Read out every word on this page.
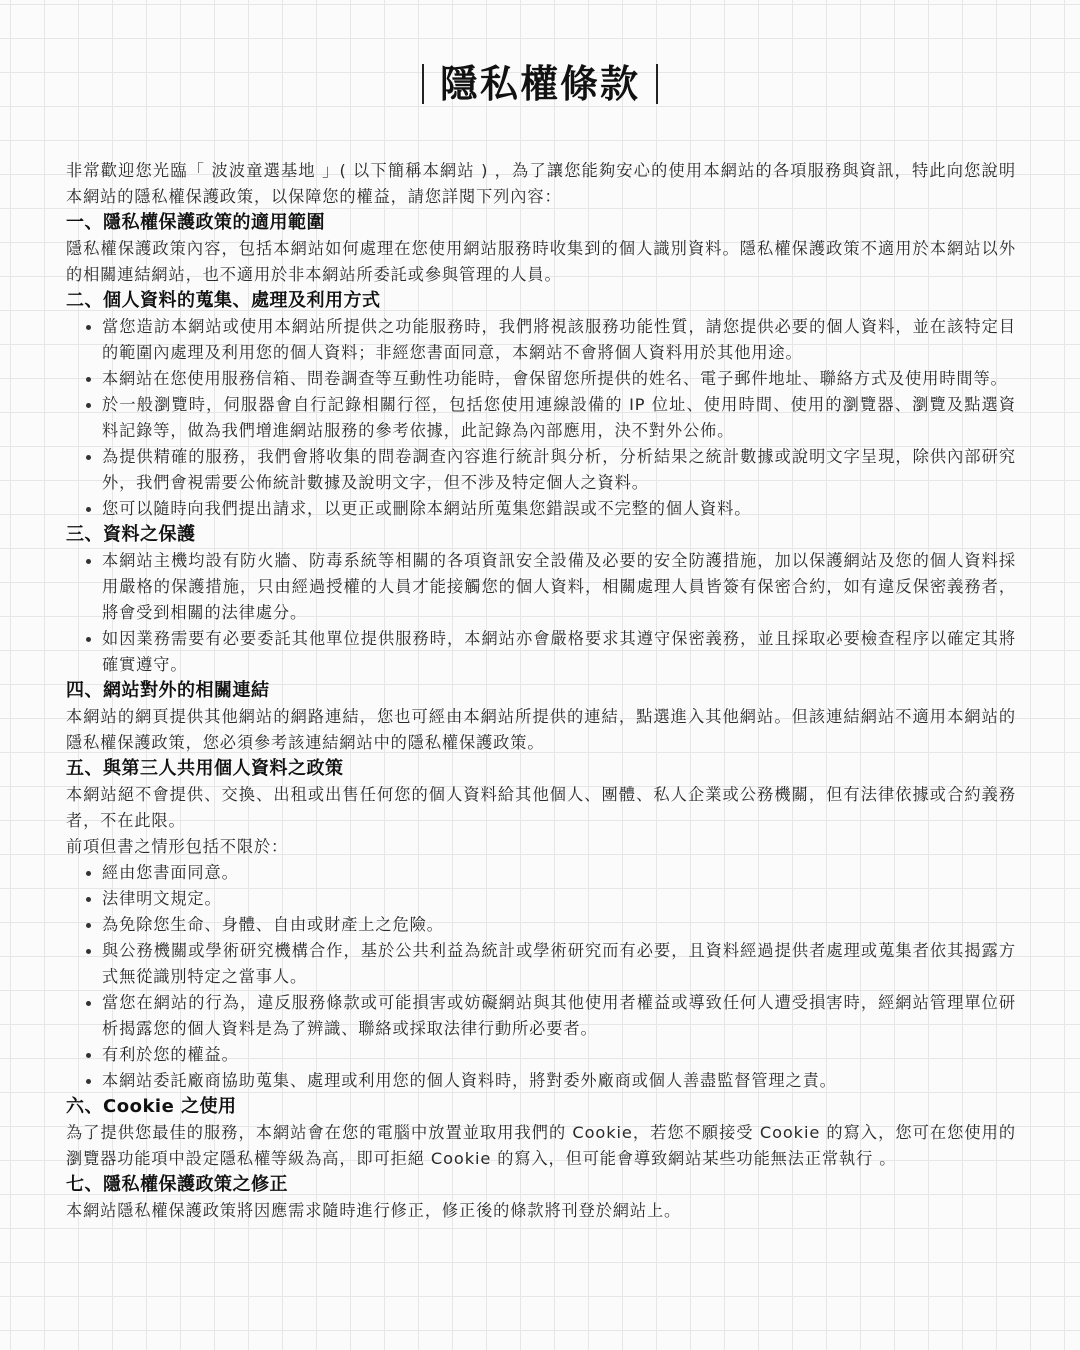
隱私權條款

非常歡迎您光臨「 波波童選基地 」( 以下簡稱本網站 ) ，為了讓您能夠安心的使用本網站的各項服務與資訊，特此向您說明本網站的隱私權保護政策，以保障您的權益，請您詳閱下列內容：

一、隱私權保護政策的適用範圍

隱私權保護政策內容，包括本網站如何處理在您使用網站服務時收集到的個人識別資料。隱私權保護政策不適用於本網站以外的相關連結網站，也不適用於非本網站所委託或參與管理的人員。

二、個人資料的蒐集、處理及利用方式
當您造訪本網站或使用本網站所提供之功能服務時，我們將視該服務功能性質，請您提供必要的個人資料，並在該特定目的範圍內處理及利用您的個人資料；非經您書面同意，本網站不會將個人資料用於其他用途。
本網站在您使用服務信箱、問卷調查等互動性功能時，會保留您所提供的姓名、電子郵件地址、聯絡方式及使用時間等。
於一般瀏覽時，伺服器會自行記錄相關行徑，包括您使用連線設備的 IP 位址、使用時間、使用的瀏覽器、瀏覽及點選資料記錄等，做為我們增進網站服務的參考依據，此記錄為內部應用，決不對外公佈。
為提供精確的服務，我們會將收集的問卷調查內容進行統計與分析，分析結果之統計數據或說明文字呈現，除供內部研究外，我們會視需要公佈統計數據及說明文字，但不涉及特定個人之資料。
您可以隨時向我們提出請求，以更正或刪除本網站所蒐集您錯誤或不完整的個人資料。
三、資料之保護
本網站主機均設有防火牆、防毒系統等相關的各項資訊安全設備及必要的安全防護措施，加以保護網站及您的個人資料採用嚴格的保護措施，只由經過授權的人員才能接觸您的個人資料，相關處理人員皆簽有保密合約，如有違反保密義務者，將會受到相關的法律處分。
如因業務需要有必要委託其他單位提供服務時，本網站亦會嚴格要求其遵守保密義務，並且採取必要檢查程序以確定其將確實遵守。
四、網站對外的相關連結

本網站的網頁提供其他網站的網路連結，您也可經由本網站所提供的連結，點選進入其他網站。但該連結網站不適用本網站的隱私權保護政策，您必須參考該連結網站中的隱私權保護政策。

五、與第三人共用個人資料之政策

本網站絕不會提供、交換、出租或出售任何您的個人資料給其他個人、團體、私人企業或公務機關，但有法律依據或合約義務者，不在此限。

前項但書之情形包括不限於：

經由您書面同意。
法律明文規定。
為免除您生命、身體、自由或財產上之危險。
與公務機關或學術研究機構合作，基於公共利益為統計或學術研究而有必要，且資料經過提供者處理或蒐集者依其揭露方式無從識別特定之當事人。
當您在網站的行為，違反服務條款或可能損害或妨礙網站與其他使用者權益或導致任何人遭受損害時，經網站管理單位研析揭露您的個人資料是為了辨識、聯絡或採取法律行動所必要者。
有利於您的權益。
本網站委託廠商協助蒐集、處理或利用您的個人資料時，將對委外廠商或個人善盡監督管理之責。
六、Cookie 之使用

為了提供您最佳的服務，本網站會在您的電腦中放置並取用我們的 Cookie，若您不願接受 Cookie 的寫入，您可在您使用的瀏覽器功能項中設定隱私權等級為高，即可拒絕 Cookie 的寫入，但可能會導致網站某些功能無法正常執行 。

七、隱私權保護政策之修正

本網站隱私權保護政策將因應需求隨時進行修正，修正後的條款將刊登於網站上。
